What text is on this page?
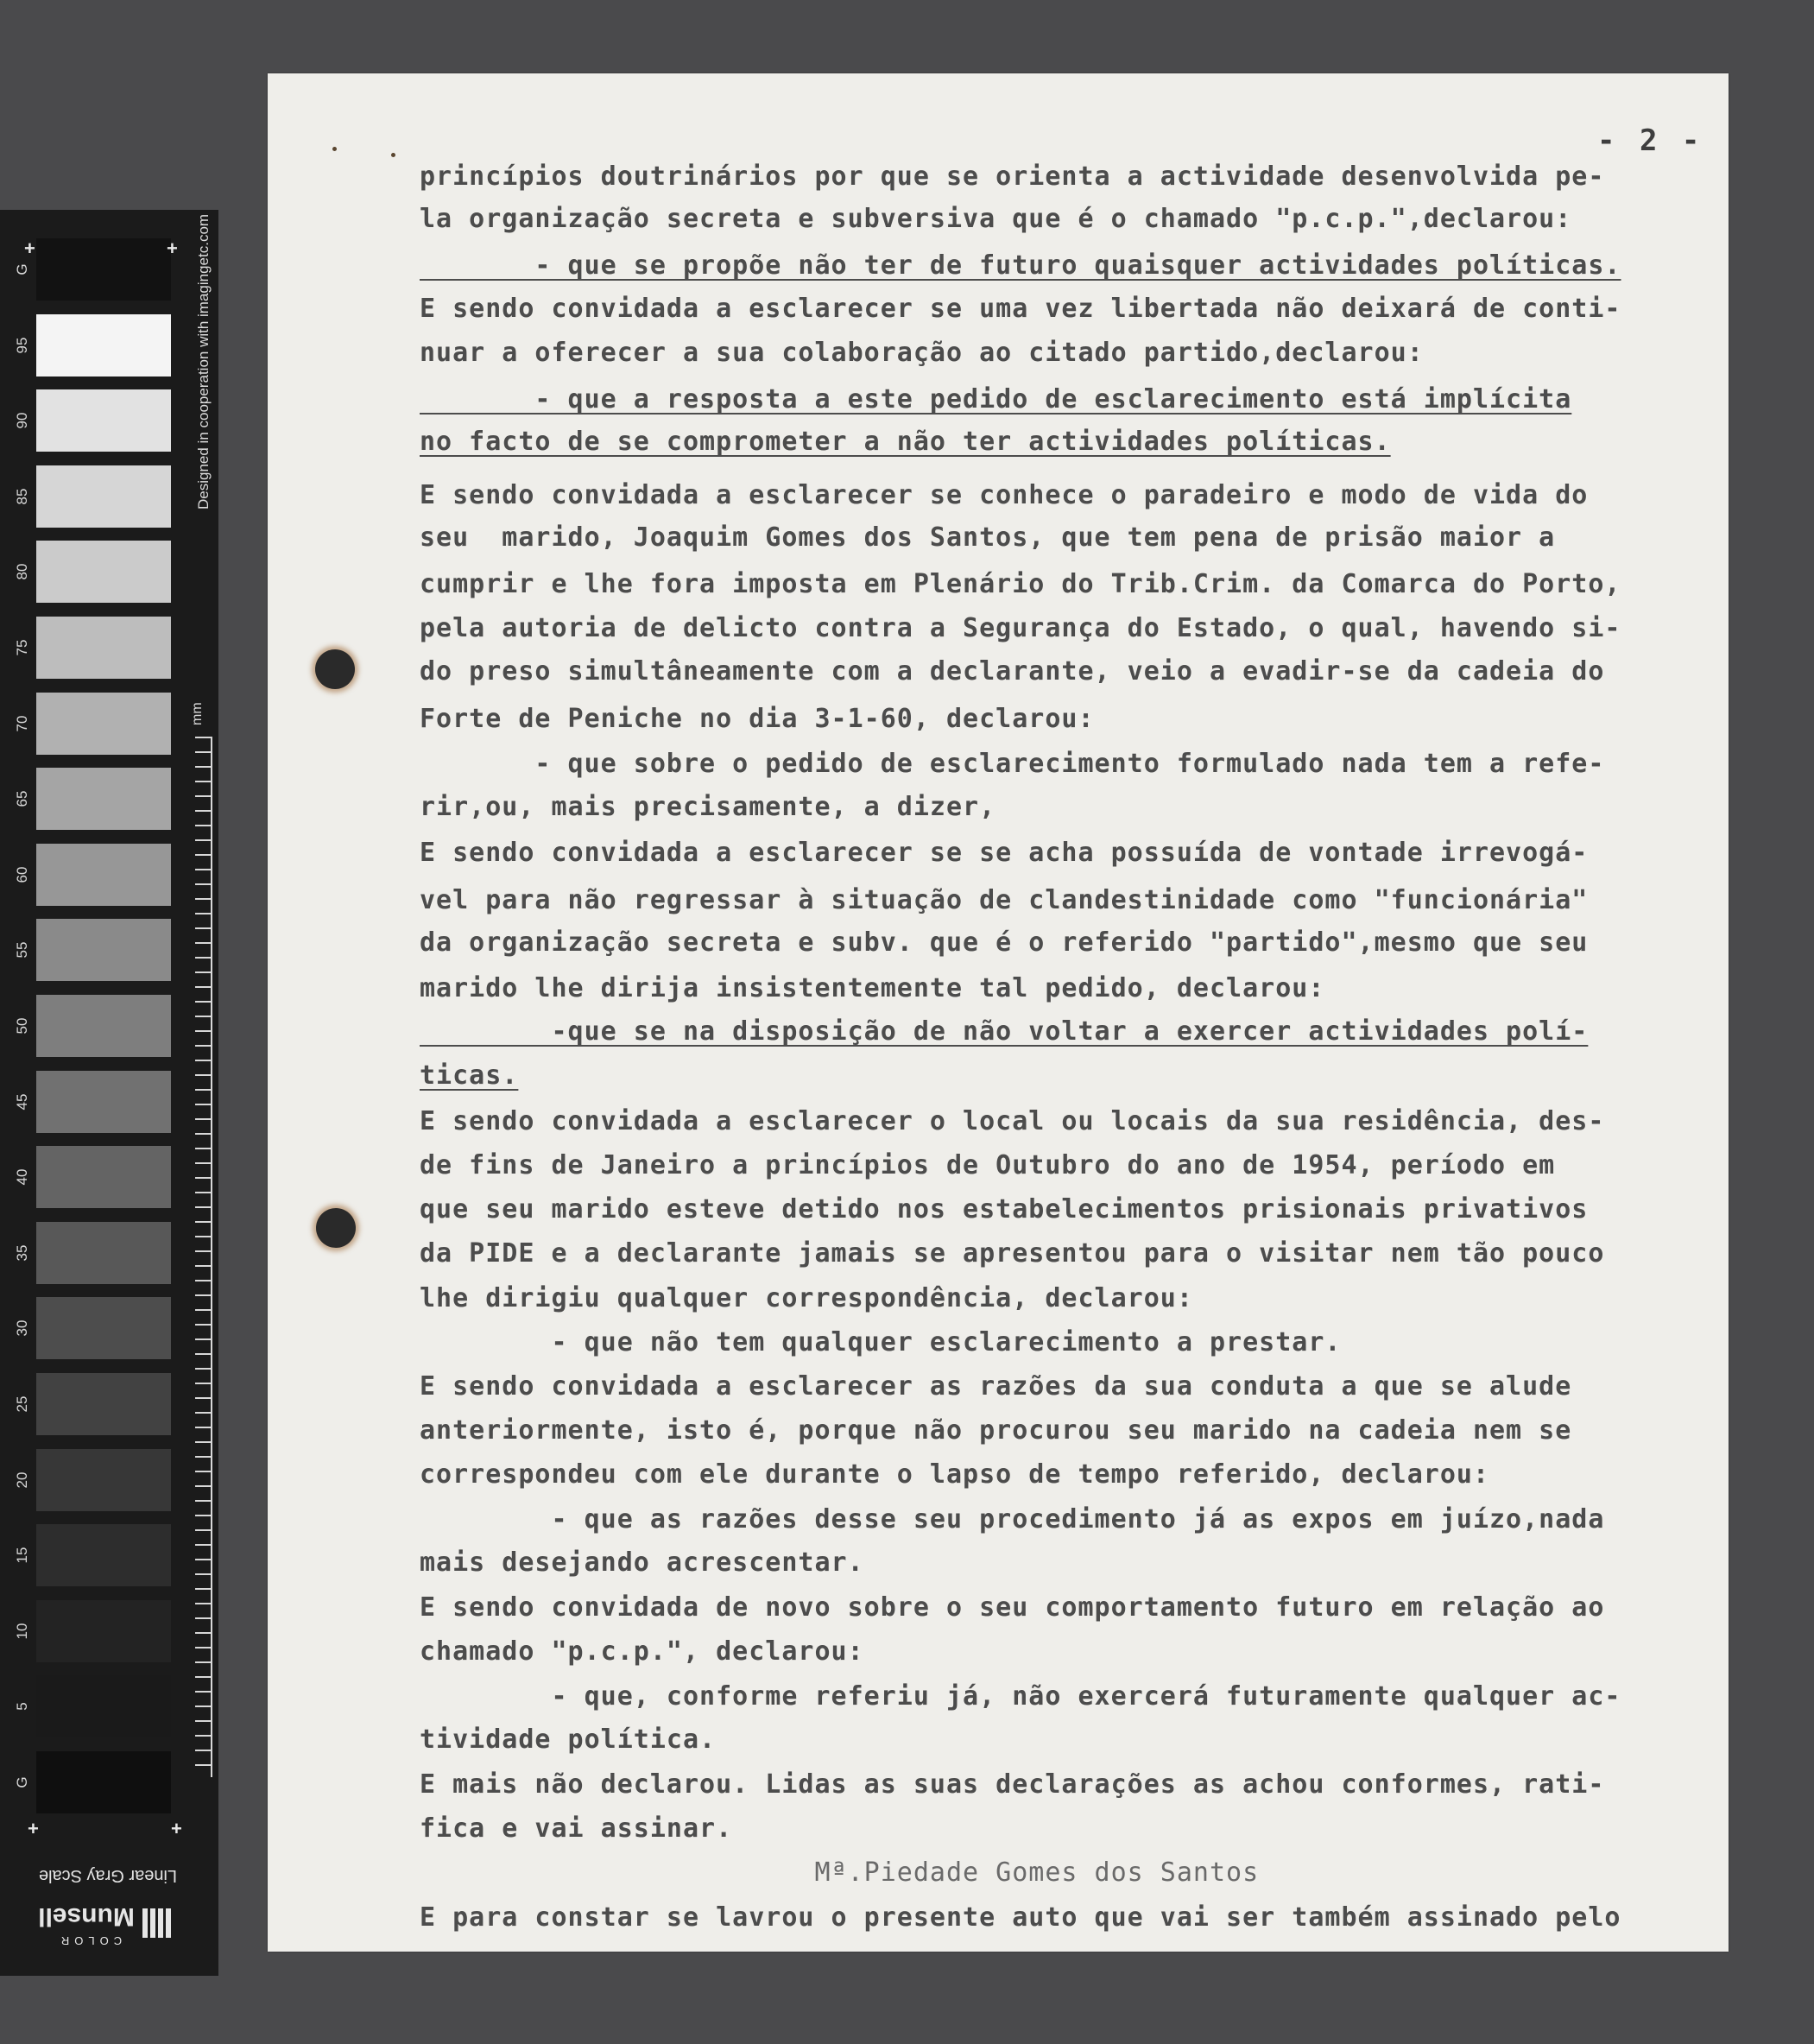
G
95
90
85
80
75
70
65
60
55
50
45
40
35
30
25
20
15
10
5
G
+	+
+	+
Designed in cooperation with imagingetc.com
mm
Linear Gray Scale
Munsell
COLOR
- 2 -
princípios doutrinários por que se orienta a actividade desenvolvida pe-
la organização secreta e subversiva que é o chamado "p.c.p.",declarou:
- que se propõe não ter de futuro quaisquer actividades políticas.
E sendo convidada a esclarecer se uma vez libertada não deixará de conti-
nuar a oferecer a sua colaboração ao citado partido,declarou:
- que a resposta a este pedido de esclarecimento está implícita
no facto de se comprometer a não ter actividades políticas.
E sendo convidada a esclarecer se conhece o paradeiro e modo de vida do
seu  marido, Joaquim Gomes dos Santos, que tem pena de prisão maior a
cumprir e lhe fora imposta em Plenário do Trib.Crim. da Comarca do Porto,
pela autoria de delicto contra a Segurança do Estado, o qual, havendo si-
do preso simultâneamente com a declarante, veio a evadir-se da cadeia do
Forte de Peniche no dia 3-1-60, declarou:
- que sobre o pedido de esclarecimento formulado nada tem a refe-
rir,ou, mais precisamente, a dizer,
E sendo convidada a esclarecer se se acha possuída de vontade irrevogá-
vel para não regressar à situação de clandestinidade como "funcionária"
da organização secreta e subv. que é o referido "partido",mesmo que seu
marido lhe dirija insistentemente tal pedido, declarou:
-que se na disposição de não voltar a exercer actividades polí-
ticas.
E sendo convidada a esclarecer o local ou locais da sua residência, des-
de fins de Janeiro a princípios de Outubro do ano de 1954, período em
que seu marido esteve detido nos estabelecimentos prisionais privativos
da PIDE e a declarante jamais se apresentou para o visitar nem tão pouco
lhe dirigiu qualquer correspondência, declarou:
- que não tem qualquer esclarecimento a prestar.
E sendo convidada a esclarecer as razões da sua conduta a que se alude
anteriormente, isto é, porque não procurou seu marido na cadeia nem se
correspondeu com ele durante o lapso de tempo referido, declarou:
- que as razões desse seu procedimento já as expos em juízo,nada
mais desejando acrescentar.
E sendo convidada de novo sobre o seu comportamento futuro em relação ao
chamado "p.c.p.", declarou:
- que, conforme referiu já, não exercerá futuramente qualquer ac-
tividade política.
E mais não declarou. Lidas as suas declarações as achou conformes, rati-
fica e vai assinar.
Mª.Piedade Gomes dos Santos
E para constar se lavrou o presente auto que vai ser também assinado pelo
